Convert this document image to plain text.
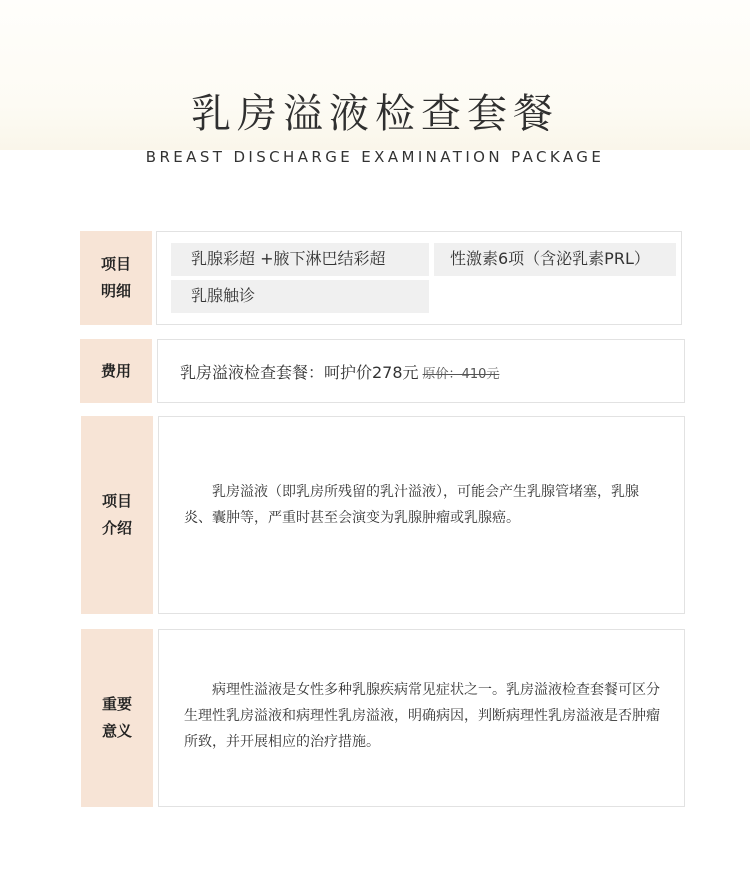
乳房溢液检查套餐
BREAST DISCHARGE EXAMINATION PACKAGE
项目
明细
乳腺彩超 +腋下淋巴结彩超	性激素6项（含泌乳素PRL）
乳腺触诊
费用	乳房溢液检查套餐：呵护价278元 原价：410元
项目
介绍
乳房溢液（即乳房所残留的乳汁溢液），可能会产生乳腺管堵塞，乳腺炎、囊肿等，严重时甚至会演变为乳腺肿瘤或乳腺癌。
重要
意义
病理性溢液是女性多种乳腺疾病常见症状之一。乳房溢液检查套餐可区分生理性乳房溢液和病理性乳房溢液，明确病因，判断病理性乳房溢液是否肿瘤所致，并开展相应的治疗措施。
